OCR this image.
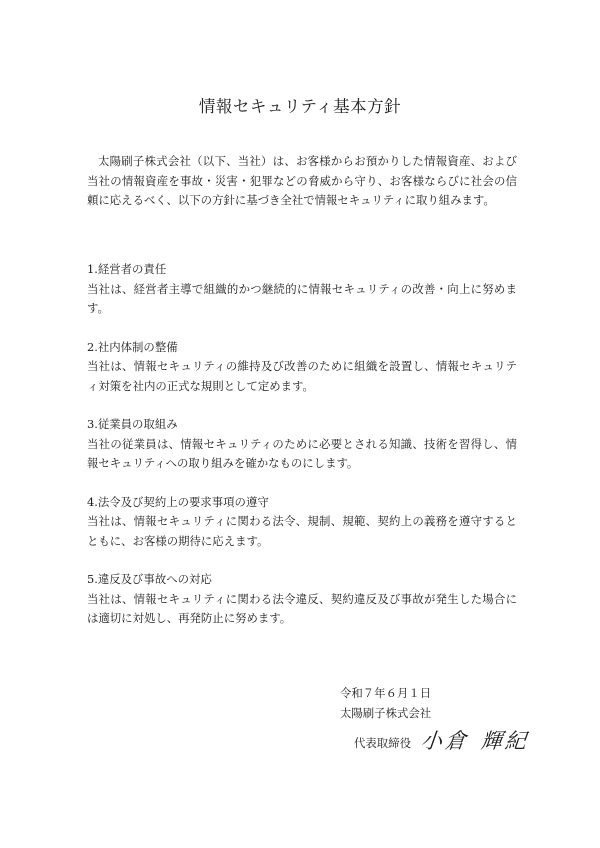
情報セキュリティ基本方針
太陽刷子株式会社（以下、当社）は、お客様からお預かりした情報資産、および当社の情報資産を事故・災害・犯罪などの脅威から守り、お客様ならびに社会の信頼に応えるべく、以下の方針に基づき全社で情報セキュリティに取り組みます。
1.経営者の責任
当社は、経営者主導で組織的かつ継続的に情報セキュリティの改善・向上に努めます。
2.社内体制の整備
当社は、情報セキュリティの維持及び改善のために組織を設置し、情報セキュリティ対策を社内の正式な規則として定めます。
3.従業員の取組み
当社の従業員は、情報セキュリティのために必要とされる知識、技術を習得し、情報セキュリティへの取り組みを確かなものにします。
4.法令及び契約上の要求事項の遵守
当社は、情報セキュリティに関わる法令、規制、規範、契約上の義務を遵守するとともに、お客様の期待に応えます。
5.違反及び事故への対応
当社は、情報セキュリティに関わる法令違反、契約違反及び事故が発生した場合には適切に対処し、再発防止に努めます。
令和７年６月１日
太陽刷子株式会社
代表取締役 小倉 輝紀
